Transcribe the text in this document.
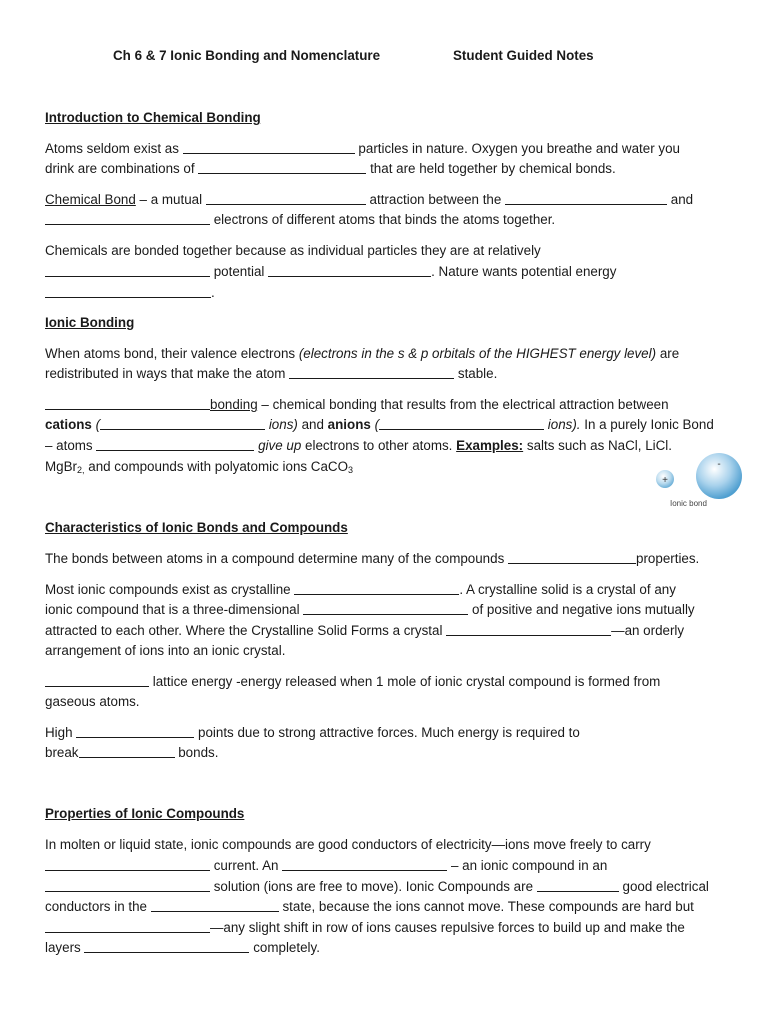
Ch 6 & 7 Ionic Bonding and Nomenclature	Student Guided Notes
Introduction to Chemical Bonding
Atoms seldom exist as	particles in nature. Oxygen you breathe and water you
drink are combinations of	that are held together by chemical bonds.
Chemical Bond – a mutual	attraction between the	and
electrons of different atoms that binds the atoms together.
Chemicals are bonded together because as individual particles they are at relatively
potential	. Nature wants potential energy
.
Ionic Bonding
When atoms bond, their valence electrons (electrons in the s & p orbitals of the HIGHEST energy level) are
redistributed in ways that make the atom	stable.
bonding – chemical bonding that results from the electrical attraction between
cations (	ions) and anions (	ions). In a purely Ionic Bond
– atoms	give up electrons to other atoms. Examples: salts such as NaCl, LiCl.
MgBr$_{2,}$ and compounds with polyatomic ions CaCO$_3$
+
-
Ionic bond
Characteristics of Ionic Bonds and Compounds
The bonds between atoms in a compound determine many of the compounds	properties.
Most ionic compounds exist as crystalline	. A crystalline solid is a crystal of any
ionic compound that is a three-dimensional	of positive and negative ions mutually
attracted to each other. Where the Crystalline Solid Forms a crystal	—an orderly
arrangement of ions into an ionic crystal.
lattice energy -energy released when 1 mole of ionic crystal compound is formed from
gaseous atoms.
High	points due to strong attractive forces. Much energy is required to
break	bonds.
Properties of Ionic Compounds
In molten or liquid state, ionic compounds are good conductors of electricity—ions move freely to carry
current. An	– an ionic compound in an
solution (ions are free to move). Ionic Compounds are	good electrical
conductors in the	state, because the ions cannot move. These compounds are hard but
—any slight shift in row of ions causes repulsive forces to build up and make the
layers	completely.
